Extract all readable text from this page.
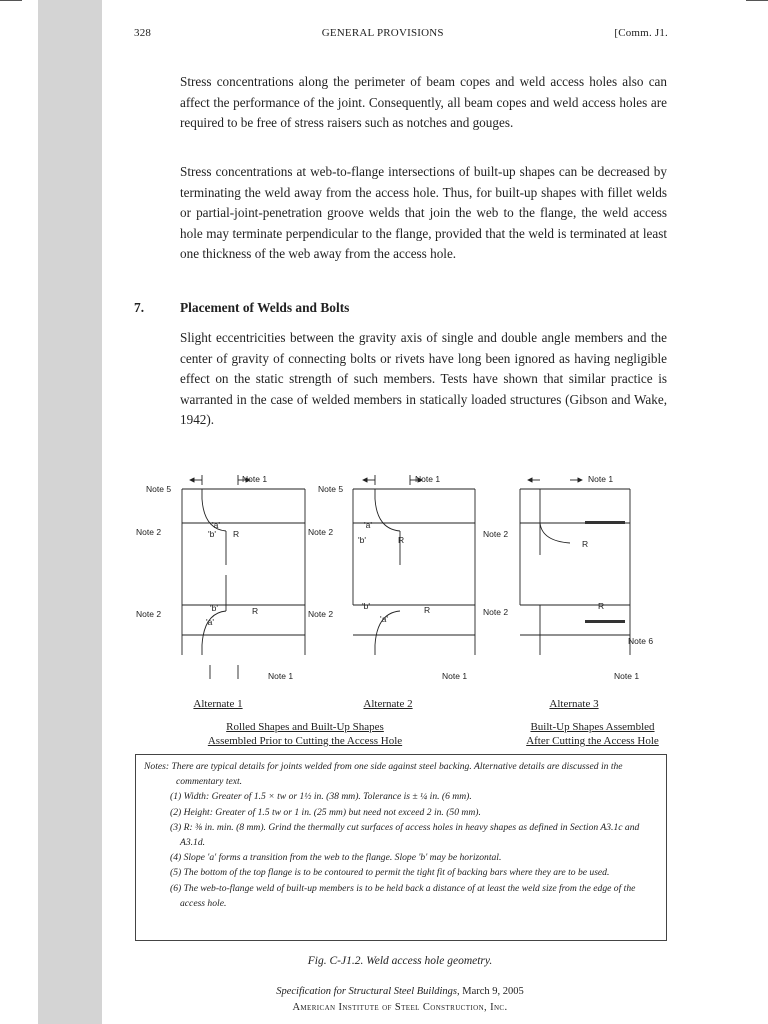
328	GENERAL PROVISIONS	[Comm. J1.

Stress concentrations along the perimeter of beam copes and weld access holes also can affect the performance of the joint. Consequently, all beam copes and weld access holes are required to be free of stress raisers such as notches and gouges.

Stress concentrations at web-to-flange intersections of built-up shapes can be decreased by terminating the weld away from the access hole. Thus, for built-up shapes with fillet welds or partial-joint-penetration groove welds that join the web to the flange, the weld access hole may terminate perpendicular to the flange, provided that the weld is terminated at least one thickness of the web away from the access hole.

7.	Placement of Welds and Bolts

Slight eccentricities between the gravity axis of single and double angle members and the center of gravity of connecting bolts or rivets have long been ignored as having negligible effect on the static strength of such members. Tests have shown that similar practice is warranted in the case of welded members in statically loaded structures (Gibson and Wake, 1942).

Note 1
Note 5
Note 2
Note 2
'a'
'b' R
'b'
'a'
R
Note 1
Note 1
Note 5
Note 2
Note 2
'a'
'b'	R
'b'
'a'
R
Note 1
Note 1
Note 2
Note 2
R
R
Note 6
Note 1
Alternate 1	Alternate 2	Alternate 3
Rolled Shapes and Built-Up Shapes
Assembled Prior to Cutting the Access Hole
Built-Up Shapes Assembled
After Cutting the Access Hole
Notes: There are typical details for joints welded from one side against steel backing. Alternative details are discussed in the commentary text.
(1) Width: Greater of 1.5 × tw or 1½ in. (38 mm). Tolerance is ± ¼ in. (6 mm).
(2) Height: Greater of 1.5 tw or 1 in. (25 mm) but need not exceed 2 in. (50 mm).
(3) R: ⅜ in. min. (8 mm). Grind the thermally cut surfaces of access holes in heavy shapes as defined in Section A3.1c and A3.1d.
(4) Slope 'a' forms a transition from the web to the flange. Slope 'b' may be horizontal.
(5) The bottom of the top flange is to be contoured to permit the tight fit of backing bars where they are to be used.
(6) The web-to-flange weld of built-up members is to be held back a distance of at least the weld size from the edge of the access hole.
Fig. C-J1.2. Weld access hole geometry.
Specification for Structural Steel Buildings, March 9, 2005
American Institute of Steel Construction, Inc.
